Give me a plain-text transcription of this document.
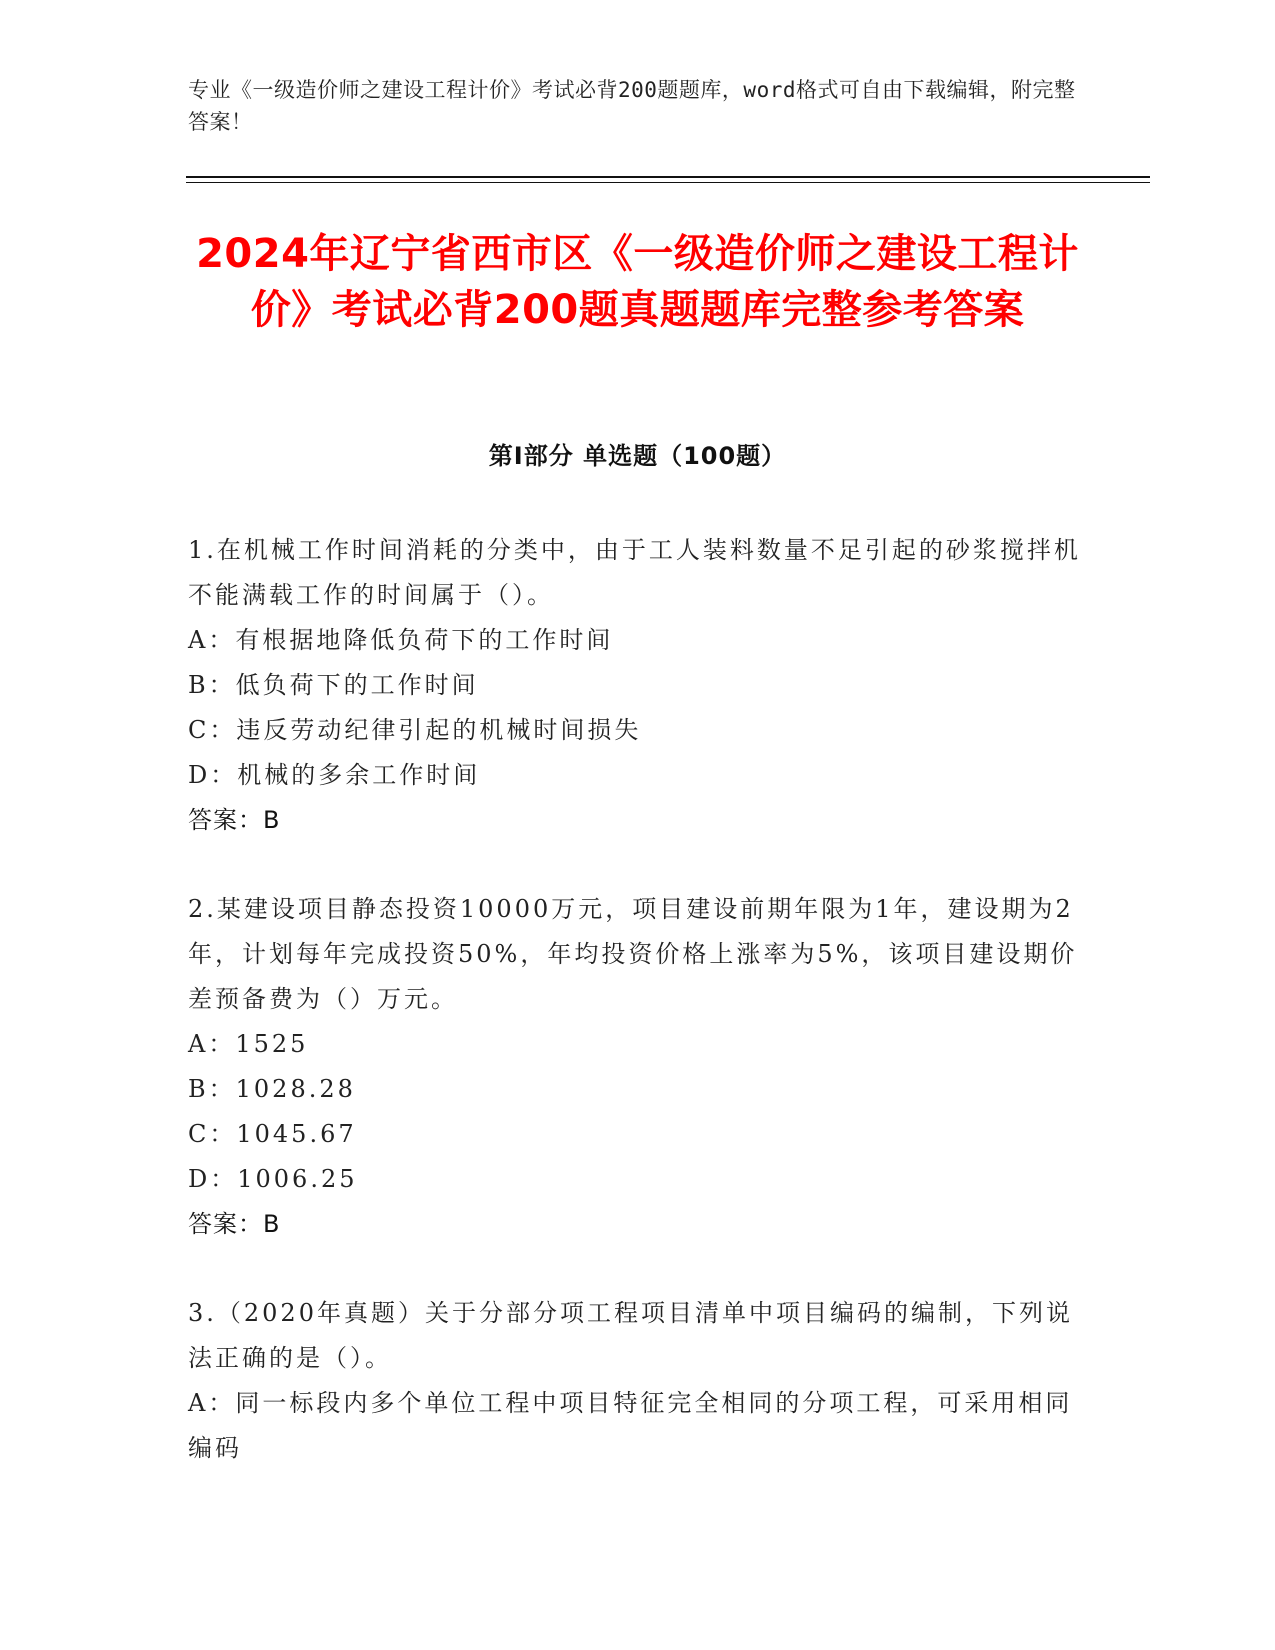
专业《一级造价师之建设工程计价》考试必背200题题库，word格式可自由下载编辑，附完整答案！
2024年辽宁省西市区《一级造价师之建设工程计价》考试必背200题真题题库完整参考答案
第Ⅰ部分 单选题（100题）
1.在机械工作时间消耗的分类中，由于工人装料数量不足引起的砂浆搅拌机不能满载工作的时间属于（）。
A：有根据地降低负荷下的工作时间
B：低负荷下的工作时间
C：违反劳动纪律引起的机械时间损失
D：机械的多余工作时间
答案：B
2.某建设项目静态投资10000万元，项目建设前期年限为1年，建设期为2年，计划每年完成投资50%，年均投资价格上涨率为5%，该项目建设期价差预备费为（）万元。
A：1525
B：1028.28
C：1045.67
D：1006.25
答案：B
3.（2020年真题）关于分部分项工程项目清单中项目编码的编制，下列说法正确的是（）。
A：同一标段内多个单位工程中项目特征完全相同的分项工程，可采用相同编码
